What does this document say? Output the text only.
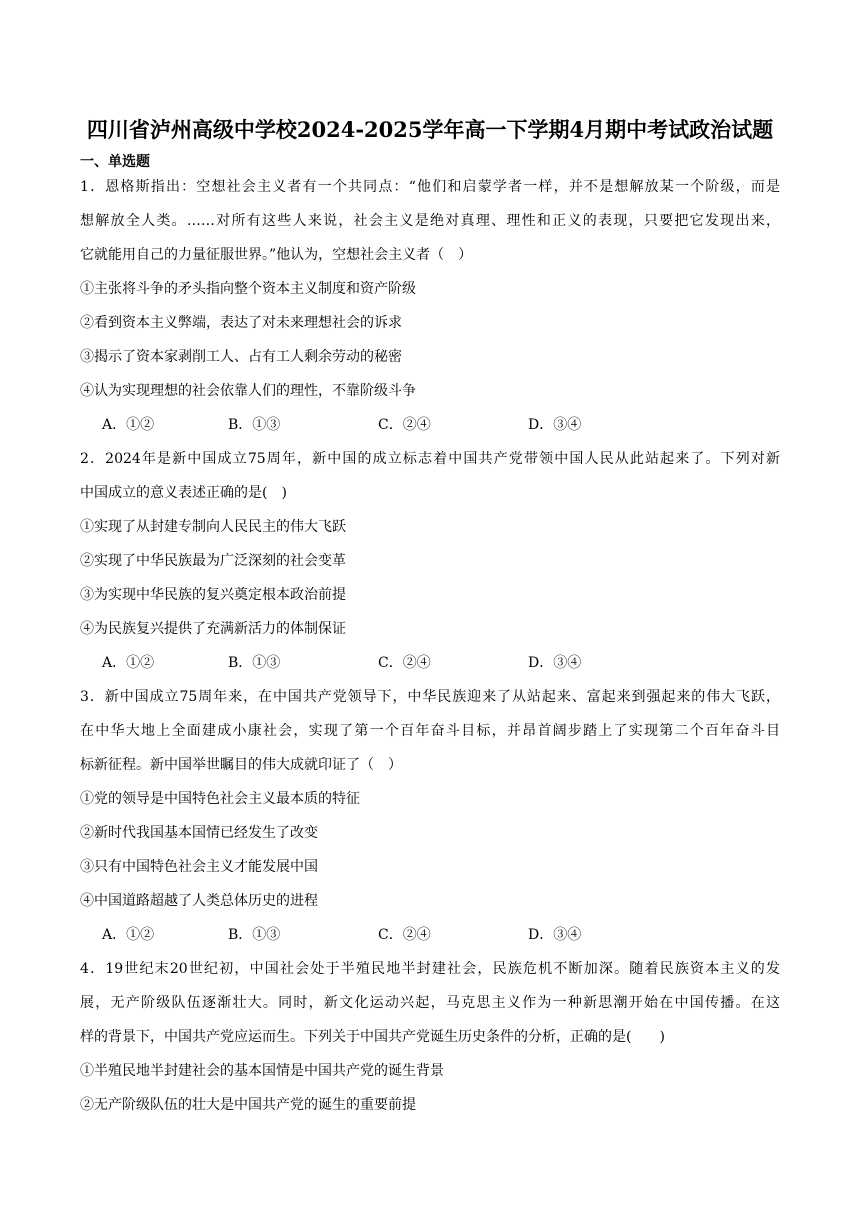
四川省泸州高级中学校2024-2025学年高一下学期4月期中考试政治试题
一、单选题
1．恩格斯指出：空想社会主义者有一个共同点：“他们和启蒙学者一样，并不是想解放某一个阶级，而是
想解放全人类。……对所有这些人来说，社会主义是绝对真理、理性和正义的表现，只要把它发现出来，
它就能用自己的力量征服世界。”他认为，空想社会主义者（　）
①主张将斗争的矛头指向整个资本主义制度和资产阶级
②看到资本主义弊端，表达了对未来理想社会的诉求
③揭示了资本家剥削工人、占有工人剩余劳动的秘密
④认为实现理想的社会依靠人们的理性，不靠阶级斗争
A．①②	B．①③	C．②④	D．③④
2．2024年是新中国成立75周年，新中国的成立标志着中国共产党带领中国人民从此站起来了。下列对新
中国成立的意义表述正确的是(　)
①实现了从封建专制向人民民主的伟大飞跃
②实现了中华民族最为广泛深刻的社会变革
③为实现中华民族的复兴奠定根本政治前提
④为民族复兴提供了充满新活力的体制保证
A．①②	B．①③	C．②④	D．③④
3．新中国成立75周年来，在中国共产党领导下，中华民族迎来了从站起来、富起来到强起来的伟大飞跃，
在中华大地上全面建成小康社会，实现了第一个百年奋斗目标，并昂首阔步踏上了实现第二个百年奋斗目
标新征程。新中国举世瞩目的伟大成就印证了（　）
①党的领导是中国特色社会主义最本质的特征
②新时代我国基本国情已经发生了改变
③只有中国特色社会主义才能发展中国
④中国道路超越了人类总体历史的进程
A．①②	B．①③	C．②④	D．③④
4．19世纪末20世纪初，中国社会处于半殖民地半封建社会，民族危机不断加深。随着民族资本主义的发
展，无产阶级队伍逐渐壮大。同时，新文化运动兴起，马克思主义作为一种新思潮开始在中国传播。在这
样的背景下，中国共产党应运而生。下列关于中国共产党诞生历史条件的分析，正确的是(　　)
①半殖民地半封建社会的基本国情是中国共产党的诞生背景
②无产阶级队伍的壮大是中国共产党的诞生的重要前提
